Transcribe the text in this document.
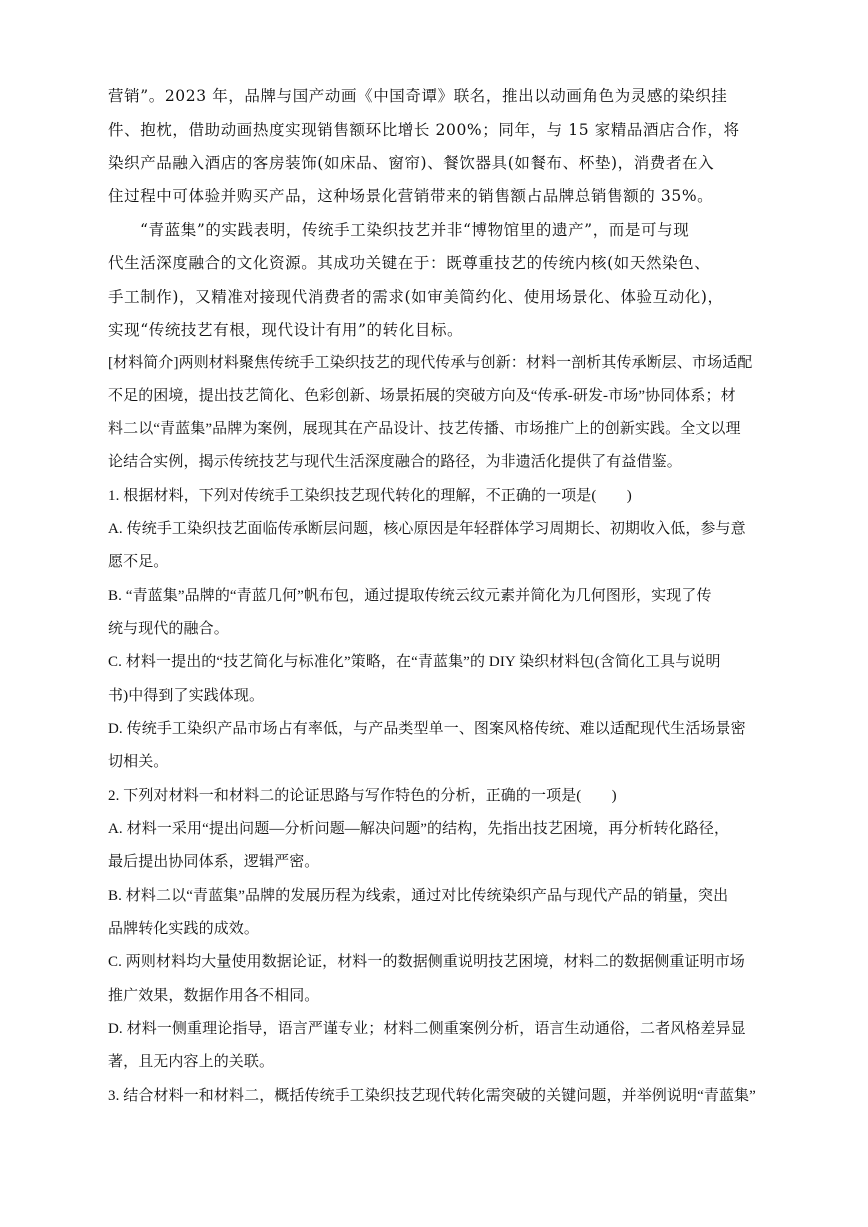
营销”。2023 年，品牌与国产动画《中国奇谭》联名，推出以动画角色为灵感的染织挂
件、抱枕，借助动画热度实现销售额环比增长 200%；同年，与 15 家精品酒店合作，将
染织产品融入酒店的客房装饰(如床品、窗帘)、餐饮器具(如餐布、杯垫)，消费者在入
住过程中可体验并购买产品，这种场景化营销带来的销售额占品牌总销售额的 35%。
“青蓝集”的实践表明，传统手工染织技艺并非“博物馆里的遗产”，而是可与现
代生活深度融合的文化资源。其成功关键在于：既尊重技艺的传统内核(如天然染色、
手工制作)，又精准对接现代消费者的需求(如审美简约化、使用场景化、体验互动化)，
实现“传统技艺有根，现代设计有用”的转化目标。
[材料简介]两则材料聚焦传统手工染织技艺的现代传承与创新：材料一剖析其传承断层、市场适配
不足的困境，提出技艺简化、色彩创新、场景拓展的突破方向及“传承-研发-市场”协同体系；材
料二以“青蓝集”品牌为案例，展现其在产品设计、技艺传播、市场推广上的创新实践。全文以理
论结合实例，揭示传统技艺与现代生活深度融合的路径，为非遗活化提供了有益借鉴。
1. 根据材料，下列对传统手工染织技艺现代转化的理解，不正确的一项是(　　)
A. 传统手工染织技艺面临传承断层问题，核心原因是年轻群体学习周期长、初期收入低，参与意
愿不足。
B. “青蓝集”品牌的“青蓝几何”帆布包，通过提取传统云纹元素并简化为几何图形，实现了传
统与现代的融合。
C. 材料一提出的“技艺简化与标准化”策略，在“青蓝集”的 DIY 染织材料包(含简化工具与说明
书)中得到了实践体现。
D. 传统手工染织产品市场占有率低，与产品类型单一、图案风格传统、难以适配现代生活场景密
切相关。
2. 下列对材料一和材料二的论证思路与写作特色的分析，正确的一项是(　　)
A. 材料一采用“提出问题—分析问题—解决问题”的结构，先指出技艺困境，再分析转化路径，
最后提出协同体系，逻辑严密。
B. 材料二以“青蓝集”品牌的发展历程为线索，通过对比传统染织产品与现代产品的销量，突出
品牌转化实践的成效。
C. 两则材料均大量使用数据论证，材料一的数据侧重说明技艺困境，材料二的数据侧重证明市场
推广效果，数据作用各不相同。
D. 材料一侧重理论指导，语言严谨专业；材料二侧重案例分析，语言生动通俗，二者风格差异显
著，且无内容上的关联。
3. 结合材料一和材料二，概括传统手工染织技艺现代转化需突破的关键问题，并举例说明“青蓝集”
